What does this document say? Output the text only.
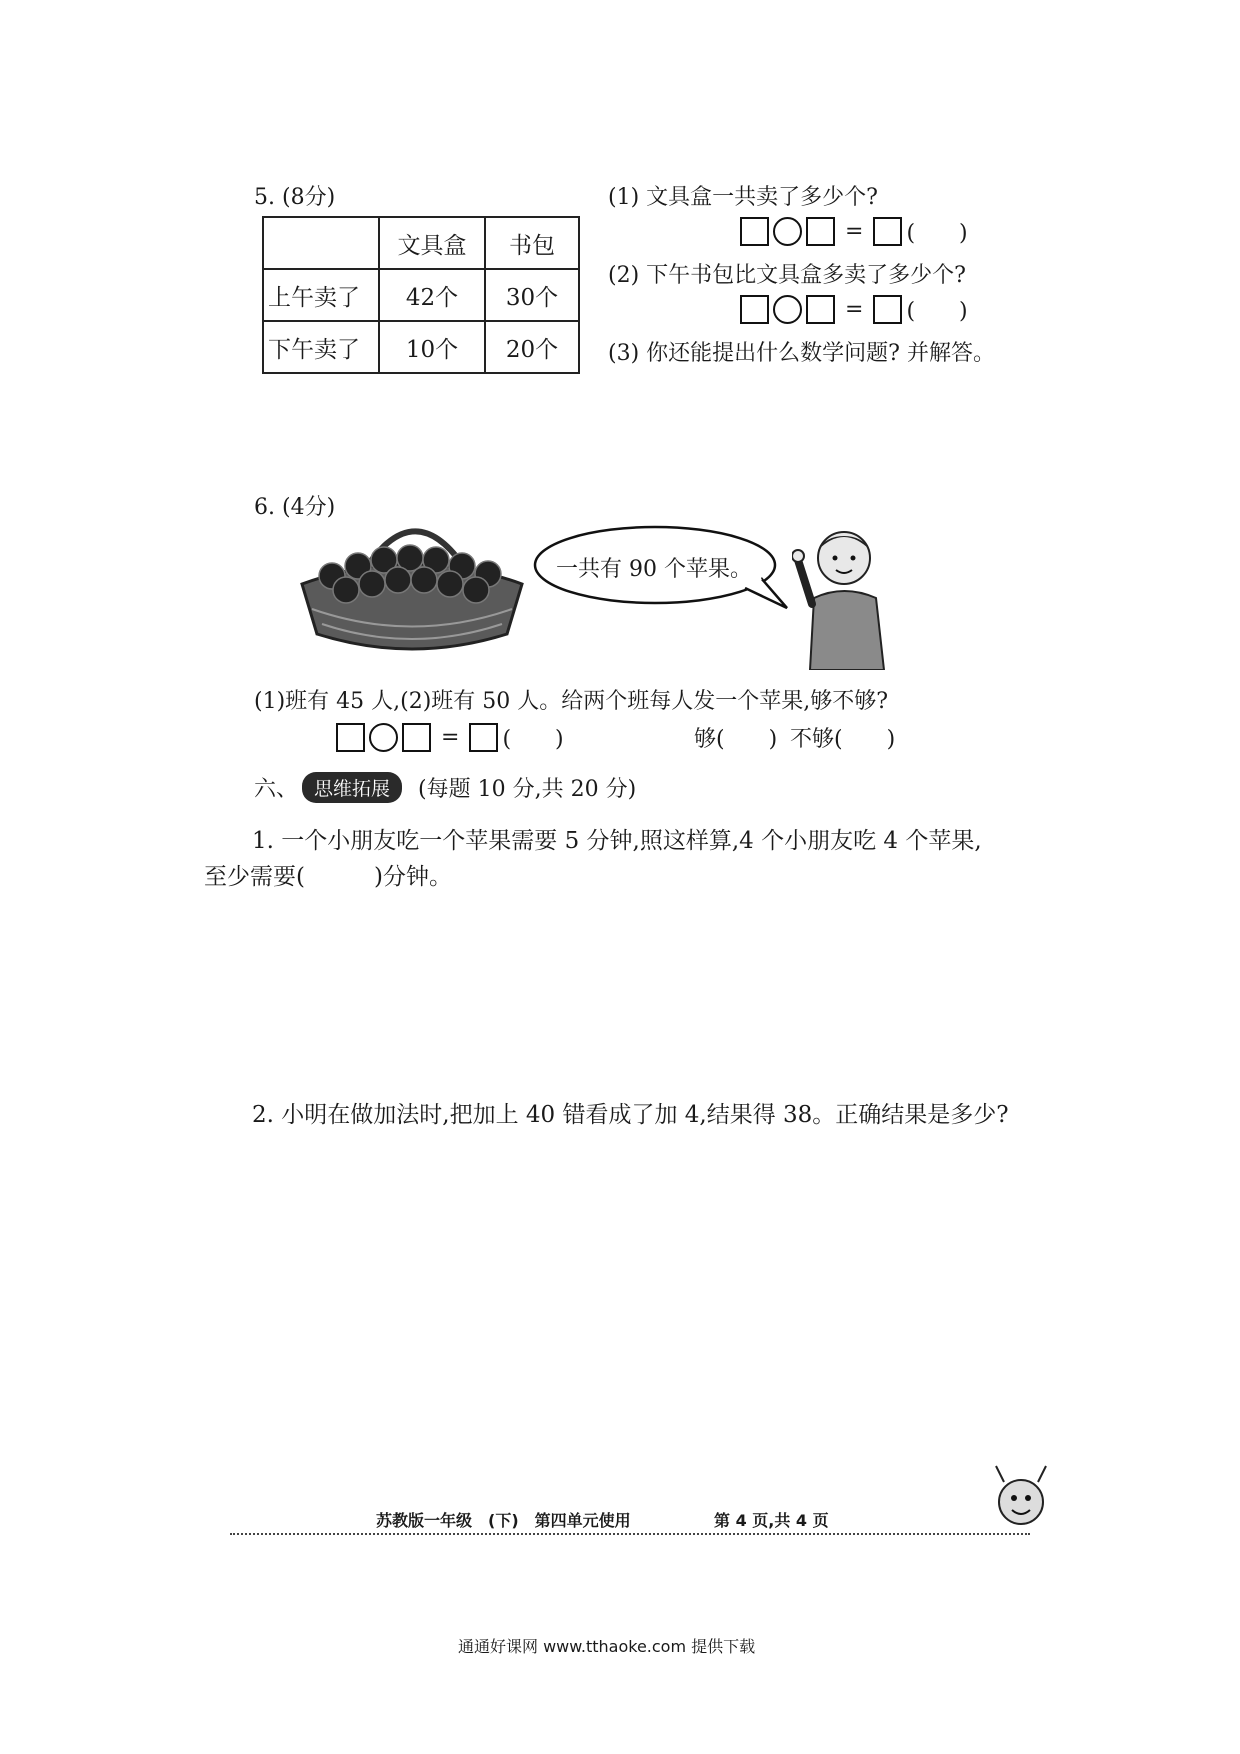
5. (8分)
	文具盒	书包
上午卖了	42个	30个
下午卖了	10个	20个
(1) 文具盒一共卖了多少个?
= (　　)
(2) 下午书包比文具盒多卖了多少个?
= (　　)
(3) 你还能提出什么数学问题? 并解答。
6. (4分)
一共有 90 个苹果。
(1)班有 45 人,(2)班有 50 人。给两个班每人发一个苹果,够不够?
= (　　)	够(　　) 不够(　　)
六、 思维拓展	(每题 10 分,共 20 分)
1. 一个小朋友吃一个苹果需要 5 分钟,照这样算,4 个小朋友吃 4 个苹果,
至少需要(　　　)分钟。
2. 小明在做加法时,把加上 40 错看成了加 4,结果得 38。正确结果是多少?
苏教版一年级　(下)　第四单元使用	第 4 页,共 4 页
通通好课网 www.tthaoke.com 提供下载
